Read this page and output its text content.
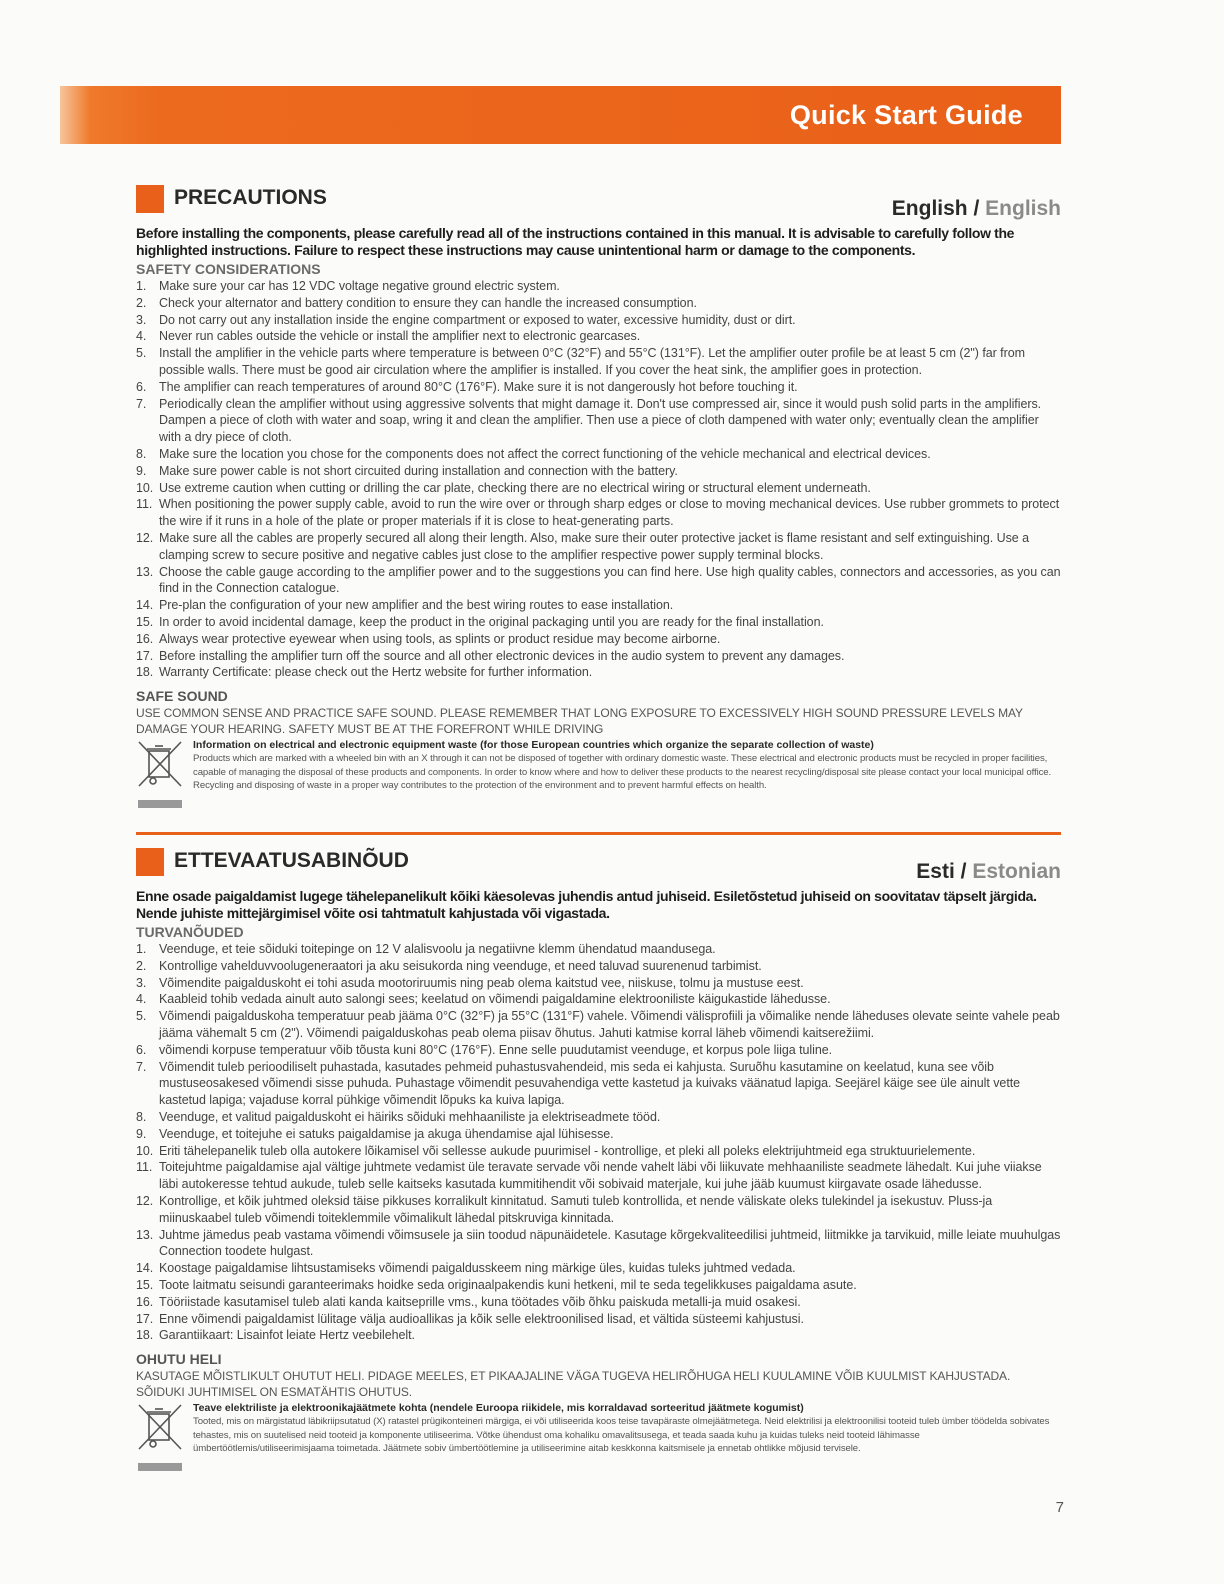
Quick Start Guide
PRECAUTIONS	English / English

Before installing the components, please carefully read all of the instructions contained in this manual. It is advisable to carefully follow the highlighted instructions. Failure to respect these instructions may cause unintentional harm or damage to the components.

SAFETY CONSIDERATIONS
1. Make sure your car has 12 VDC voltage negative ground electric system.
2. Check your alternator and battery condition to ensure they can handle the increased consumption.
3. Do not carry out any installation inside the engine compartment or exposed to water, excessive humidity, dust or dirt.
4. Never run cables outside the vehicle or install the amplifier next to electronic gearcases.
5. Install the amplifier in the vehicle parts where temperature is between 0°C (32°F) and 55°C (131°F). Let the amplifier outer profile be at least 5 cm (2") far from possible walls. There must be good air circulation where the amplifier is installed. If you cover the heat sink, the amplifier goes in protection.
6. The amplifier can reach temperatures of around 80°C (176°F). Make sure it is not dangerously hot before touching it.
7. Periodically clean the amplifier without using aggressive solvents that might damage it. Don't use compressed air, since it would push solid parts in the amplifiers. Dampen a piece of cloth with water and soap, wring it and clean the amplifier. Then use a piece of cloth dampened with water only; eventually clean the amplifier with a dry piece of cloth.
8. Make sure the location you chose for the components does not affect the correct functioning of the vehicle mechanical and electrical devices.
9. Make sure power cable is not short circuited during installation and connection with the battery.
10. Use extreme caution when cutting or drilling the car plate, checking there are no electrical wiring or structural element underneath.
11. When positioning the power supply cable, avoid to run the wire over or through sharp edges or close to moving mechanical devices. Use rubber grommets to protect the wire if it runs in a hole of the plate or proper materials if it is close to heat-generating parts.
12. Make sure all the cables are properly secured all along their length. Also, make sure their outer protective jacket is flame resistant and self extinguishing. Use a clamping screw to secure positive and negative cables just close to the amplifier respective power supply terminal blocks.
13. Choose the cable gauge according to the amplifier power and to the suggestions you can find here. Use high quality cables, connectors and accessories, as you can find in the Connection catalogue.
14. Pre-plan the configuration of your new amplifier and the best wiring routes to ease installation.
15. In order to avoid incidental damage, keep the product in the original packaging until you are ready for the final installation.
16. Always wear protective eyewear when using tools, as splints or product residue may become airborne.
17. Before installing the amplifier turn off the source and all other electronic devices in the audio system to prevent any damages.
18. Warranty Certificate: please check out the Hertz website for further information.
SAFE SOUND
USE COMMON SENSE AND PRACTICE SAFE SOUND. PLEASE REMEMBER THAT LONG EXPOSURE TO EXCESSIVELY HIGH SOUND PRESSURE LEVELS MAY DAMAGE YOUR HEARING. SAFETY MUST BE AT THE FOREFRONT WHILE DRIVING
Information on electrical and electronic equipment waste (for those European countries which organize the separate collection of waste)
Products which are marked with a wheeled bin with an X through it can not be disposed of together with ordinary domestic waste. These electrical and electronic products must be recycled in proper facilities, capable of managing the disposal of these products and components. In order to know where and how to deliver these products to the nearest recycling/disposal site please contact your local municipal office. Recycling and disposing of waste in a proper way contributes to the protection of the environment and to prevent harmful effects on health.
ETTEVAATUSABINÕUD	Esti / Estonian

Enne osade paigaldamist lugege tähelepanelikult kõiki käesolevas juhendis antud juhiseid. Esiletõstetud juhiseid on soovitatav täpselt järgida. Nende juhiste mittejärgimisel võite osi tahtmatult kahjustada või vigastada.

TURVANÕUDED
1. Veenduge, et teie sõiduki toitepinge on 12 V alalisvoolu ja negatiivne klemm ühendatud maandusega.
2. Kontrollige vahelduvvoolugeneraatori ja aku seisukorda ning veenduge, et need taluvad suurenenud tarbimist.
3. Võimendite paigalduskoht ei tohi asuda mootoriruumis ning peab olema kaitstud vee, niiskuse, tolmu ja mustuse eest.
4. Kaableid tohib vedada ainult auto salongi sees; keelatud on võimendi paigaldamine elektrooniliste käigukastide lähedusse.
5. Võimendi paigalduskoha temperatuur peab jääma 0°C (32°F) ja 55°C (131°F) vahele. Võimendi välisprofiili ja võimalike nende läheduses olevate seinte vahele peab jääma vähemalt 5 cm (2"). Võimendi paigalduskohas peab olema piisav õhutus. Jahuti katmise korral läheb võimendi kaitserežiimi.
6. võimendi korpuse temperatuur võib tõusta kuni 80°C (176°F). Enne selle puudutamist veenduge, et korpus pole liiga tuline.
7. Võimendit tuleb perioodiliselt puhastada, kasutades pehmeid puhastusvahendeid, mis seda ei kahjusta. Suruõhu kasutamine on keelatud, kuna see võib mustuseosakesed võimendi sisse puhuda. Puhastage võimendit pesuvahendiga vette kastetud ja kuivaks väänatud lapiga. Seejärel käige see üle ainult vette kastetud lapiga; vajaduse korral pühkige võimendit lõpuks ka kuiva lapiga.
8. Veenduge, et valitud paigalduskoht ei häiriks sõiduki mehhaaniliste ja elektriseadmete tööd.
9. Veenduge, et toitejuhe ei satuks paigaldamise ja akuga ühendamise ajal lühisesse.
10. Eriti tähelepanelik tuleb olla autokere lõikamisel või sellesse aukude puurimisel - kontrollige, et pleki all poleks elektrijuhtmeid ega struktuurielemente.
11. Toitejuhtme paigaldamise ajal vältige juhtmete vedamist üle teravate servade või nende vahelt läbi või liikuvate mehhaaniliste seadmete lähedalt. Kui juhe viiakse läbi autokeresse tehtud aukude, tuleb selle kaitseks kasutada kummitihendit või sobivaid materjale, kui juhe jääb kuumust kiirgavate osade lähedusse.
12. Kontrollige, et kõik juhtmed oleksid täise pikkuses korralikult kinnitatud. Samuti tuleb kontrollida, et nende väliskate oleks tulekindel ja isekustuv. Pluss-ja miinuskaabel tuleb võimendi toiteklemmile võimalikult lähedal pitskruviga kinnitada.
13. Juhtme jämedus peab vastama võimendi võimsusele ja siin toodud näpunäidetele. Kasutage kõrgekvaliteedilisi juhtmeid, liitmikke ja tarvikuid, mille leiate muuhulgas Connection toodete hulgast.
14. Koostage paigaldamise lihtsustamiseks võimendi paigaldusskeem ning märkige üles, kuidas tuleks juhtmed vedada.
15. Toote laitmatu seisundi garanteerimaks hoidke seda originaalpakendis kuni hetkeni, mil te seda tegelikkuses paigaldama asute.
16. Tööriistade kasutamisel tuleb alati kanda kaitseprille vms., kuna töötades võib õhku paiskuda metalli-ja muid osakesi.
17. Enne võimendi paigaldamist lülitage välja audioallikas ja kõik selle elektroonilised lisad, et vältida süsteemi kahjustusi.
18. Garantiikaart: Lisainfot leiate Hertz veebilehelt.
OHUTU HELI
KASUTAGE MÕISTLIKULT OHUTUT HELI. PIDAGE MEELES, ET PIKAAJALINE VÄGA TUGEVA HELIRÕHUGA HELI KUULAMINE VÕIB KUULMIST KAHJUSTADA. SÕIDUKI JUHTIMISEL ON ESMATÄHTIS OHUTUS.
Teave elektriliste ja elektroonikajäätmete kohta (nendele Euroopa riikidele, mis korraldavad sorteeritud jäätmete kogumist)
Tooted, mis on märgistatud läbikriipsutatud (X) ratastel prügikonteineri märgiga, ei või utiliseerida koos teise tavapäraste olmejäätmetega. Neid elektrilisi ja elektroonilisi tooteid tuleb ümber töödelda sobivates tehastes, mis on suutelised neid tooteid ja komponente utiliseerima. Võtke ühendust oma kohaliku omavalitsusega, et teada saada kuhu ja kuidas tuleks neid tooteid lähimasse ümbertöötlemis/utiliseerimisjaama toimetada. Jäätmete sobiv ümbertöötlemine ja utiliseerimine aitab keskkonna kaitsmisele ja ennetab ohtlikke mõjusid tervisele.
7
